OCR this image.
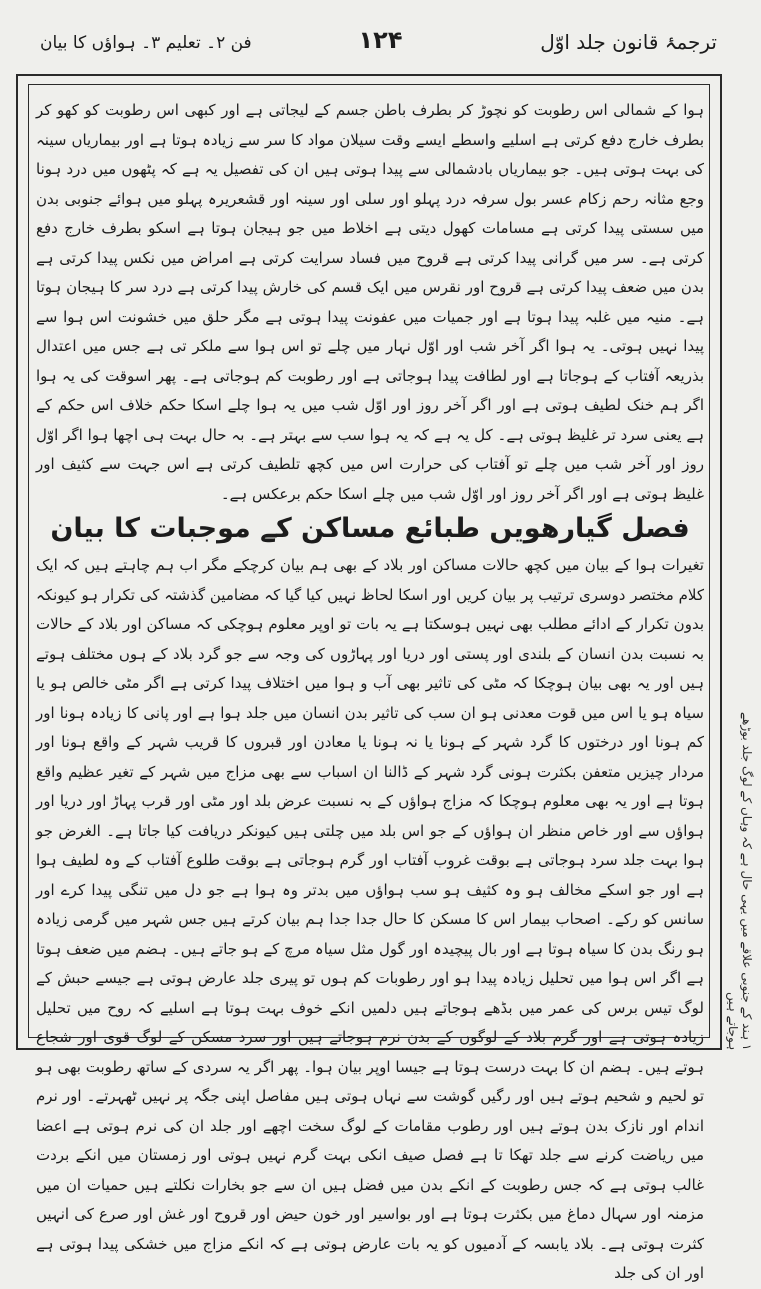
ترجمۂ قانون جلد اوّل
۱۲۴
فن ۲۔ تعلیم ۳۔ ہواؤں کا بیان

ہوا کے شمالی اس رطوبت کو نچوڑ کر بطرف باطن جسم کے لیجاتی ہے اور کبھی اس رطوبت کو کھو کر بطرف خارج دفع کرتی ہے اسلیے واسطے ایسے وقت سیلان مواد کا سر سے زیادہ ہوتا ہے اور بیماریاں سینہ کی بہت ہوتی ہیں۔ جو بیماریاں بادشمالی سے پیدا ہوتی ہیں ان کی تفصیل یہ ہے کہ پٹھوں میں درد ہونا وجع مثانہ رحم زکام عسر بول سرفہ درد پہلو اور سلی اور سینہ اور قشعریرہ پہلو میں ہوائے جنوبی بدن میں سستی پیدا کرتی ہے مسامات کھول دیتی ہے اخلاط میں جو ہیجان ہوتا ہے اسکو بطرف خارج دفع کرتی ہے۔ سر میں گرانی پیدا کرتی ہے قروح میں فساد سرایت کرتی ہے امراض میں نکس پیدا کرتی ہے بدن میں ضعف پیدا کرتی ہے قروح اور نقرس میں ایک قسم کی خارش پیدا کرتی ہے درد سر کا ہیجان ہوتا ہے۔ منیہ میں غلبہ پیدا ہوتا ہے اور جمیات میں عفونت پیدا ہوتی ہے مگر حلق میں خشونت اس ہوا سے پیدا نہیں ہوتی۔ یہ ہوا اگر آخر شب اور اوّل نہار میں چلے تو اس ہوا سے ملکر تی ہے جس میں اعتدال بذریعہ آفتاب کے ہوجاتا ہے اور لطافت پیدا ہوجاتی ہے اور رطوبت کم ہوجاتی ہے۔ پھر اسوقت کی یہ ہوا اگر ہم خنک لطیف ہوتی ہے اور اگر آخر روز اور اوّل شب میں یہ ہوا چلے اسکا حکم خلاف اس حکم کے ہے یعنی سرد تر غلیظ ہوتی ہے۔ کل یہ ہے کہ یہ ہوا سب سے بہتر ہے۔ بہ حال بہت ہی اچھا ہوا اگر اوّل روز اور آخر شب میں چلے تو آفتاب کی حرارت اس میں کچھ تلطیف کرتی ہے اس جہت سے کثیف اور غلیظ ہوتی ہے اور اگر آخر روز اور اوّل شب میں چلے اسکا حکم برعکس ہے۔

فصل گیارھویں طبائع مساکن کے موجبات کا بیان

تغیرات ہوا کے بیان میں کچھ حالات مساکن اور بلاد کے بھی ہم بیان کرچکے مگر اب ہم چاہتے ہیں کہ ایک کلام مختصر دوسری ترتیب پر بیان کریں اور اسکا لحاظ نہیں کیا گیا کہ مضامین گذشتہ کی تکرار ہو کیونکہ بدون تکرار کے ادائے مطلب بھی نہیں ہوسکتا ہے یہ بات تو اوپر معلوم ہوچکی کہ مساکن اور بلاد کے حالات بہ نسبت بدن انسان کے بلندی اور پستی اور دریا اور پہاڑوں کی وجہ سے جو گرد بلاد کے ہوں مختلف ہوتے ہیں اور یہ بھی بیان ہوچکا کہ مٹی کی تاثیر بھی آب و ہوا میں اختلاف پیدا کرتی ہے اگر مٹی خالص ہو یا سیاہ ہو یا اس میں قوت معدنی ہو ان سب کی تاثیر بدن انسان میں جلد ہوا ہے اور پانی کا زیادہ ہونا اور کم ہونا اور درختوں کا گرد شہر کے ہونا یا نہ ہونا یا معادن اور قبروں کا قریب شہر کے واقع ہونا اور مردار چیزیں متعفن بکثرت ہونی گرد شہر کے ڈالنا ان اسباب سے بھی مزاج میں شہر کے تغیر عظیم واقع ہوتا ہے اور یہ بھی معلوم ہوچکا کہ مزاج ہواؤں کے بہ نسبت عرض بلد اور مٹی اور قرب پہاڑ اور دریا اور ہواؤں سے اور خاص منظر ان ہواؤں کے جو اس بلد میں چلتی ہیں کیونکر دریافت کیا جاتا ہے۔ الغرض جو ہوا بہت جلد سرد ہوجاتی ہے بوقت غروب آفتاب اور گرم ہوجاتی ہے بوقت طلوع آفتاب کے وہ لطیف ہوا ہے اور جو اسکے مخالف ہو وہ کثیف ہو سب ہواؤں میں بدتر وہ ہوا ہے جو دل میں تنگی پیدا کرے اور سانس کو رکے۔ اصحاب بیمار اس کا مسکن کا حال جدا جدا ہم بیان کرتے ہیں جس شہر میں گرمی زیادہ ہو رنگ بدن کا سیاہ ہوتا ہے اور بال پیچیدہ اور گول مثل سیاہ مرچ کے ہو جاتے ہیں۔ ہضم میں ضعف ہوتا ہے اگر اس ہوا میں تحلیل زیادہ پیدا ہو اور رطوبات کم ہوں تو پیری جلد عارض ہوتی ہے جیسے حبش کے لوگ تیس برس کی عمر میں بڈھے ہوجاتے ہیں دلمیں انکے خوف بہت ہوتا ہے اسلیے کہ روح میں تحلیل زیادہ ہوتی ہے اور گرم بلاد کے لوگوں کے بدن نرم ہوجاتے ہیں اور سرد مسکن کے لوگ قوی اور شجاع ہوتے ہیں۔ ہضم ان کا بہت درست ہوتا ہے جیسا اوپر بیان ہوا۔ پھر اگر یہ سردی کے ساتھ رطوبت بھی ہو تو لحیم و شحیم ہوتے ہیں اور رگیں گوشت سے نہاں ہوتی ہیں مفاصل اپنی جگہ پر نہیں ٹھہرتے۔ اور نرم اندام اور نازک بدن ہوتے ہیں اور رطوب مقامات کے لوگ سخت اچھے اور جلد ان کی نرم ہوتی ہے اعضا میں ریاضت کرنے سے جلد تھکا تا ہے فصل صیف انکی بہت گرم نہیں ہوتی اور زمستان میں انکے بردت غالب ہوتی ہے کہ جس رطوبت کے انکے بدن میں فضل ہیں ان سے جو بخارات نکلتے ہیں حمیات ان میں مزمنہ اور سہال دماغ میں بکثرت ہوتا ہے اور بواسیر اور خون حیض اور قروح اور غش اور صرع کی انہیں کثرت ہوتی ہے۔ بلاد یابسہ کے آدمیوں کو یہ بات عارض ہوتی ہے کہ انکے مزاج میں خشکی پیدا ہوتی ہے اور ان کی جلد

۱ ہند کے جنوبی علاقے میں یہی حال ہے کہ وہاں کے لوگ جلد بوڑھے ہوجاتے ہیں
